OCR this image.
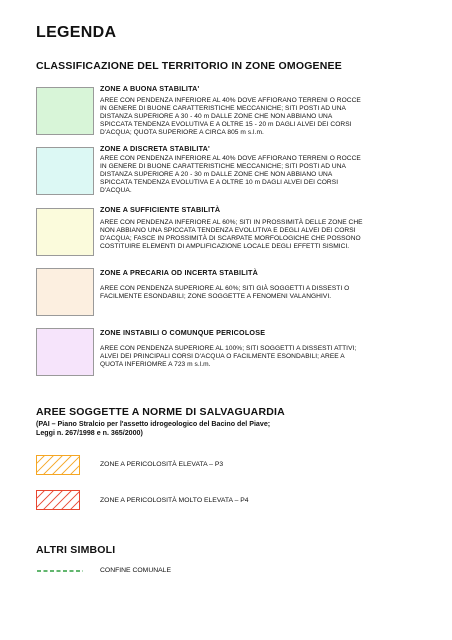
LEGENDA
CLASSIFICAZIONE DEL TERRITORIO IN ZONE OMOGENEE
ZONE A BUONA STABILITA'
AREE CON PENDENZA INFERIORE AL 40% DOVE AFFIORANO TERRENI O ROCCE
IN GENERE DI BUONE CARATTERISTICHE MECCANICHE; SITI POSTI AD UNA
DISTANZA SUPERIORE A 30 - 40 m DALLE ZONE CHE NON ABBIANO UNA
SPICCATA TENDENZA EVOLUTIVA E A OLTRE 15 - 20 m DAGLI ALVEI DEI CORSI
D'ACQUA; QUOTA SUPERIORE A CIRCA 805 m s.l.m.
ZONE A DISCRETA STABILITA'
AREE CON PENDENZA INFERIORE AL 40% DOVE AFFIORANO TERRENI O ROCCE
IN GENERE DI BUONE CARATTERISTICHE MECCANICHE; SITI POSTI AD UNA
DISTANZA SUPERIORE A 20 - 30 m DALLE ZONE CHE NON ABBIANO UNA
SPICCATA TENDENZA EVOLUTIVA E A OLTRE 10 m DAGLI ALVEI DEI CORSI
D'ACQUA.
ZONE A SUFFICIENTE STABILITÀ
AREE CON PENDENZA INFERIORE AL 60%; SITI IN PROSSIMITÀ DELLE ZONE CHE
NON ABBIANO UNA SPICCATA TENDENZA EVOLUTIVA E DEGLI ALVEI DEI CORSI
D'ACQUA; FASCE IN PROSSIMITÀ DI SCARPATE MORFOLOGICHE CHE POSSONO
COSTITUIRE ELEMENTI DI AMPLIFICAZIONE LOCALE DEGLI EFFETTI SISMICI.
ZONE A PRECARIA OD INCERTA STABILITÀ
AREE CON PENDENZA SUPERIORE AL 60%; SITI GIÀ SOGGETTI A DISSESTI O
FACILMENTE ESONDABILI; ZONE SOGGETTE A FENOMENI VALANGHIVI.
ZONE INSTABILI O COMUNQUE PERICOLOSE
AREE CON PENDENZA SUPERIORE AL 100%; SITI SOGGETTI A DISSESTI ATTIVI;
ALVEI DEI PRINCIPALI CORSI D'ACQUA O FACILMENTE ESONDABILI; AREE A
QUOTA INFERIOMRE A 723 m s.l.m.
AREE SOGGETTE A NORME DI SALVAGUARDIA
(PAI – Piano Stralcio per l'assetto idrogeologico del Bacino del Piave;
Leggi n. 267/1998 e n. 365/2000)
ZONE A PERICOLOSITÀ ELEVATA – P3
ZONE A PERICOLOSITÀ MOLTO ELEVATA – P4
ALTRI SIMBOLI
CONFINE COMUNALE
